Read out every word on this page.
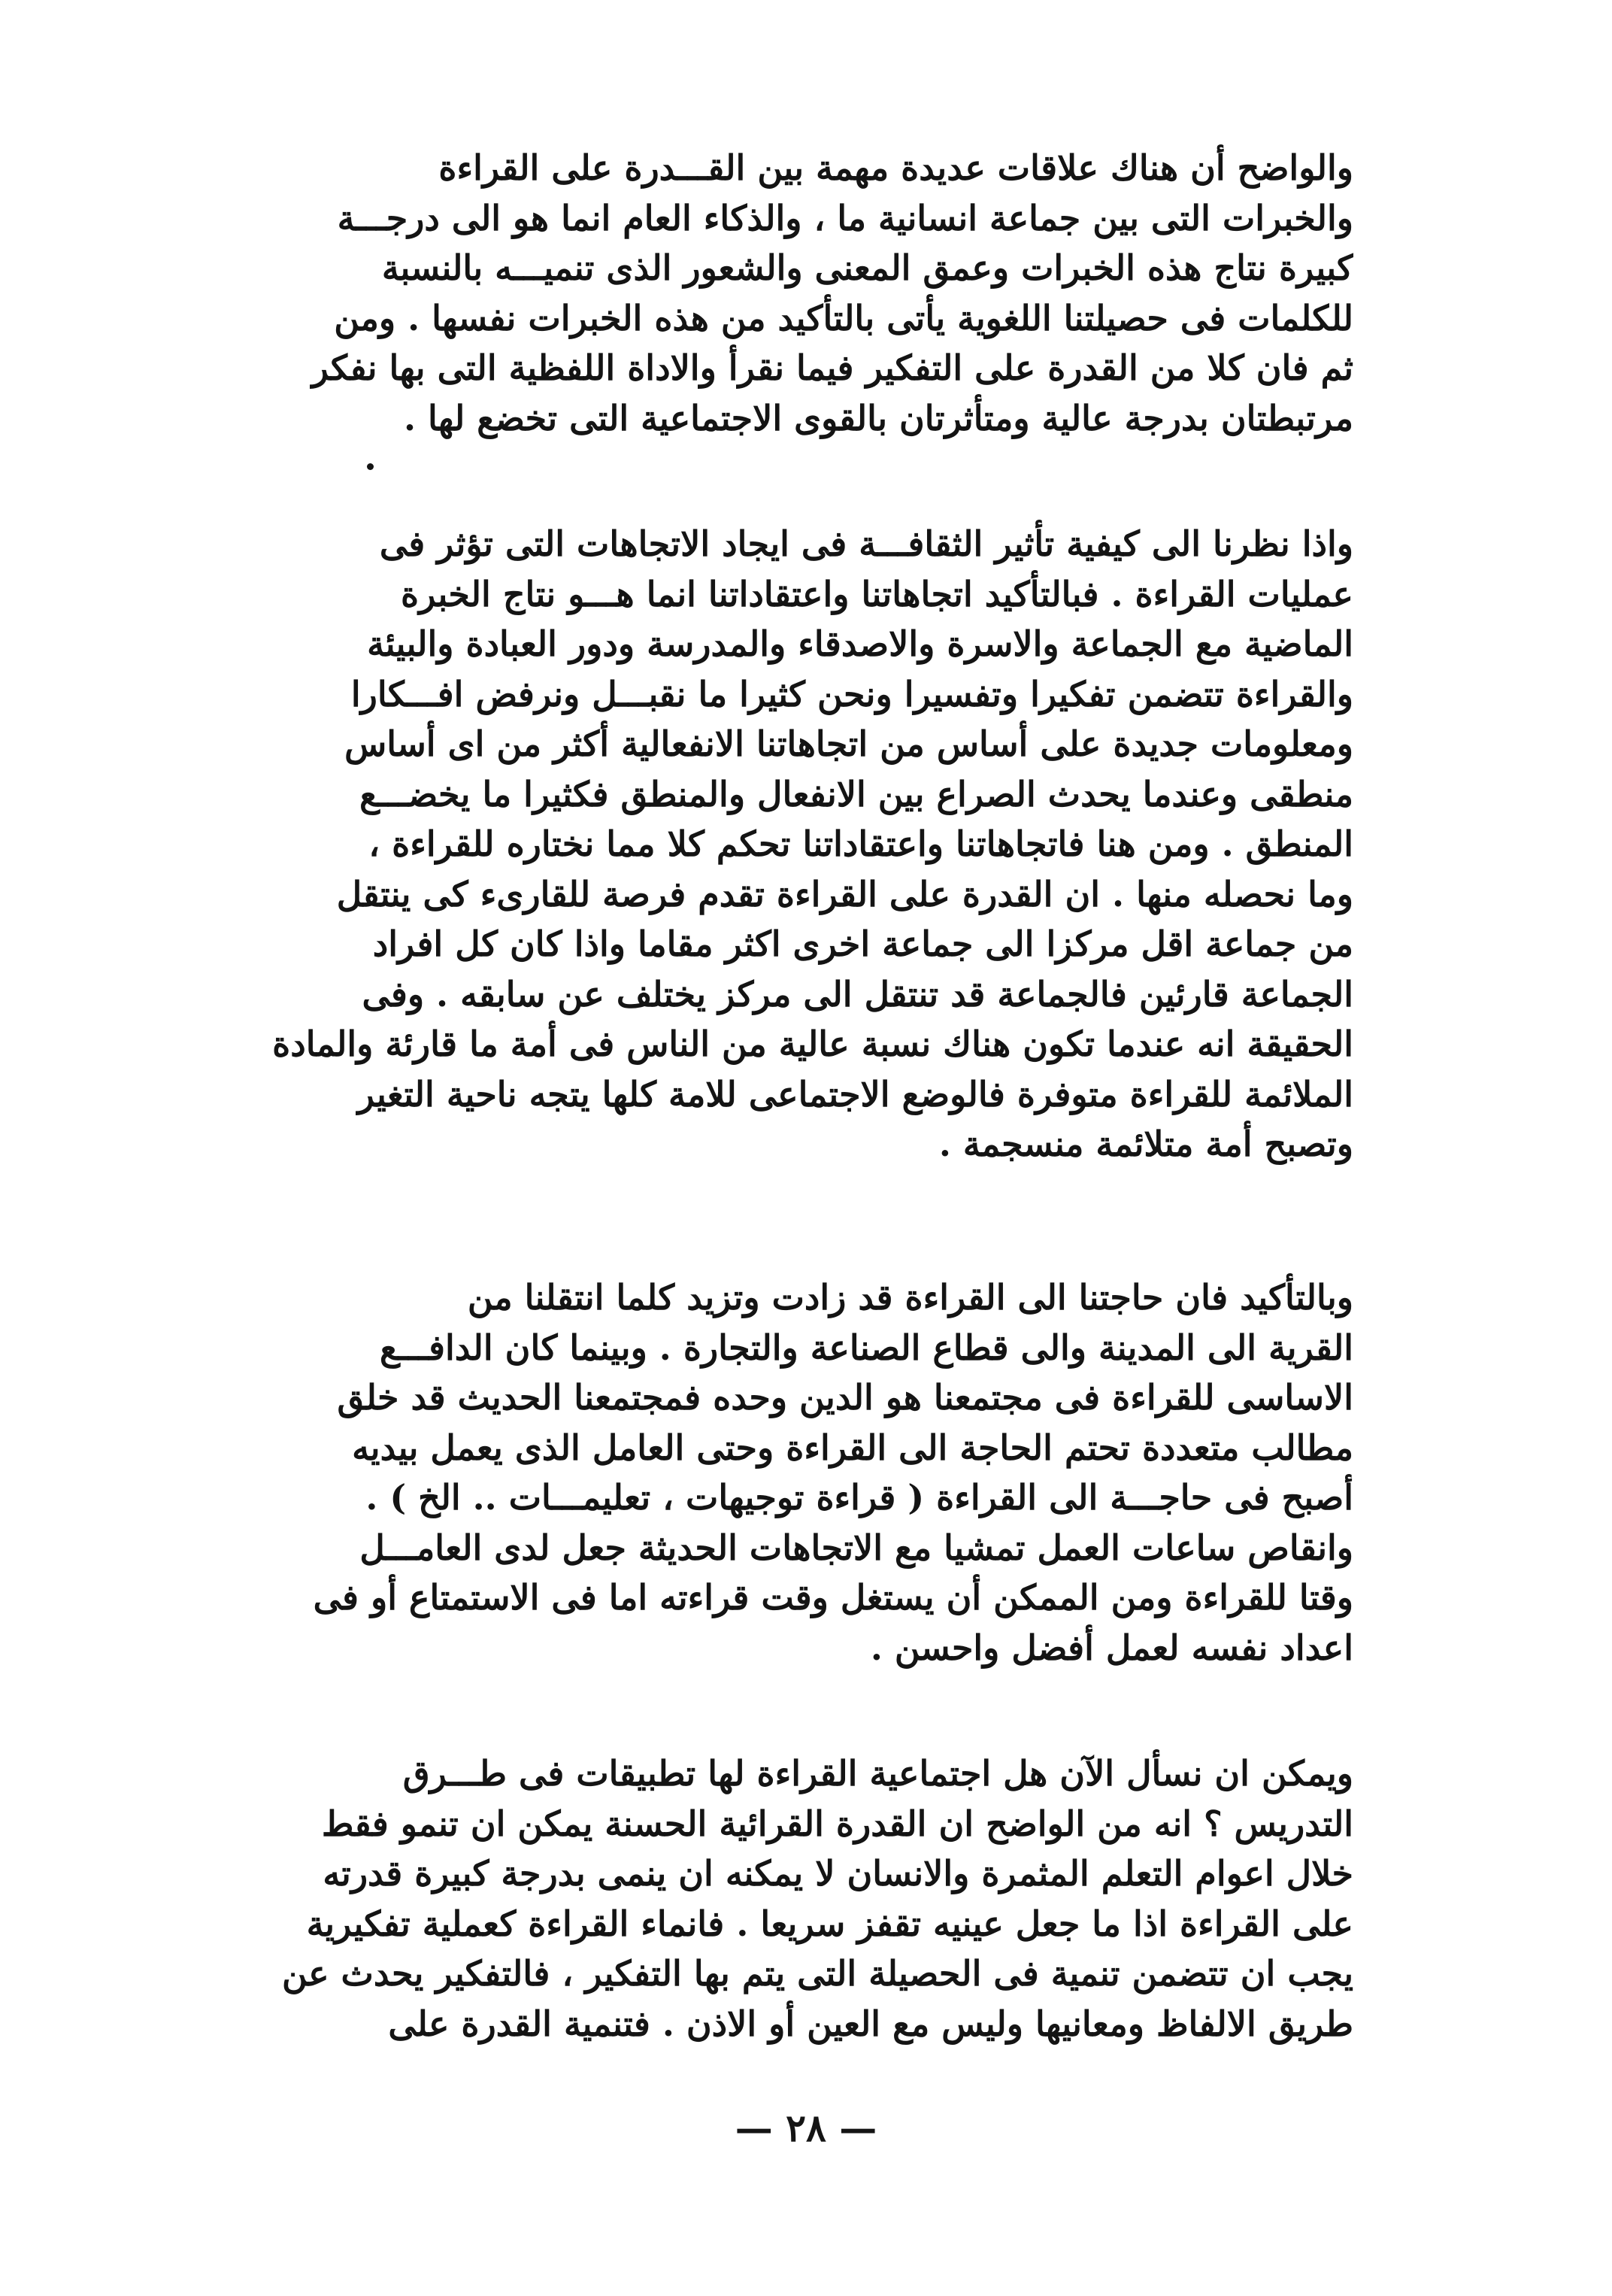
والواضح أن هناك علاقات عديدة مهمة بين القـــدرة على القراءة
والخبرات التى بين جماعة انسانية ما ، والذكاء العام انما هو الى درجـــة
كبيرة نتاج هذه الخبرات وعمق المعنى والشعور الذى تنميـــه بالنسبة
للكلمات فى حصيلتنا اللغوية يأتى بالتأكيد من هذه الخبرات نفسها . ومن
ثم فان كلا من القدرة على التفكير فيما نقرأ والاداة اللفظية التى بها نفكر
مرتبطتان بدرجة عالية ومتأثرتان بالقوى الاجتماعية التى تخضع لها .
واذا نظرنا الى كيفية تأثير الثقافـــة فى ايجاد الاتجاهات التى تؤثر فى
عمليات القراءة . فبالتأكيد اتجاهاتنا واعتقاداتنا انما هـــو نتاج الخبرة
الماضية مع الجماعة والاسرة والاصدقاء والمدرسة ودور العبادة والبيئة
والقراءة تتضمن تفكيرا وتفسيرا ونحن كثيرا ما نقبـــل ونرفض افـــكارا
ومعلومات جديدة على أساس من اتجاهاتنا الانفعالية أكثر من اى أساس
منطقى وعندما يحدث الصراع بين الانفعال والمنطق فكثيرا ما يخضـــع
المنطق . ومن هنا فاتجاهاتنا واعتقاداتنا تحكم كلا مما نختاره للقراءة ،
وما نحصله منها . ان القدرة على القراءة تقدم فرصة للقارىء كى ينتقل
من جماعة اقل مركزا الى جماعة اخرى اكثر مقاما واذا كان كل افراد
الجماعة قارئين فالجماعة قد تنتقل الى مركز يختلف عن سابقه . وفى
الحقيقة انه عندما تكون هناك نسبة عالية من الناس فى أمة ما قارئة والمادة
الملائمة للقراءة متوفرة فالوضع الاجتماعى للامة كلها يتجه ناحية التغير
وتصبح أمة متلائمة منسجمة .
وبالتأكيد فان حاجتنا الى القراءة قد زادت وتزيد كلما انتقلنا من
القرية الى المدينة والى قطاع الصناعة والتجارة . وبينما كان الدافـــع
الاساسى للقراءة فى مجتمعنا هو الدين وحده فمجتمعنا الحديث قد خلق
مطالب متعددة تحتم الحاجة الى القراءة وحتى العامل الذى يعمل بيديه
أصبح فى حاجـــة الى القراءة ( قراءة توجيهات ، تعليمـــات .. الخ ) .
وانقاص ساعات العمل تمشيا مع الاتجاهات الحديثة جعل لدى العامـــل
وقتا للقراءة ومن الممكن أن يستغل وقت قراءته اما فى الاستمتاع أو فى
اعداد نفسه لعمل أفضل واحسن .
ويمكن ان نسأل الآن هل اجتماعية القراءة لها تطبيقات فى طـــرق
التدريس ؟ انه من الواضح ان القدرة القرائية الحسنة يمكن ان تنمو فقط
خلال اعوام التعلم المثمرة والانسان لا يمكنه ان ينمى بدرجة كبيرة قدرته
على القراءة اذا ما جعل عينيه تقفز سريعا . فانماء القراءة كعملية تفكيرية
يجب ان تتضمن تنمية فى الحصيلة التى يتم بها التفكير ، فالتفكير يحدث عن
طريق الالفاظ ومعانيها وليس مع العين أو الاذن . فتنمية القدرة على
— ٢٨ —
